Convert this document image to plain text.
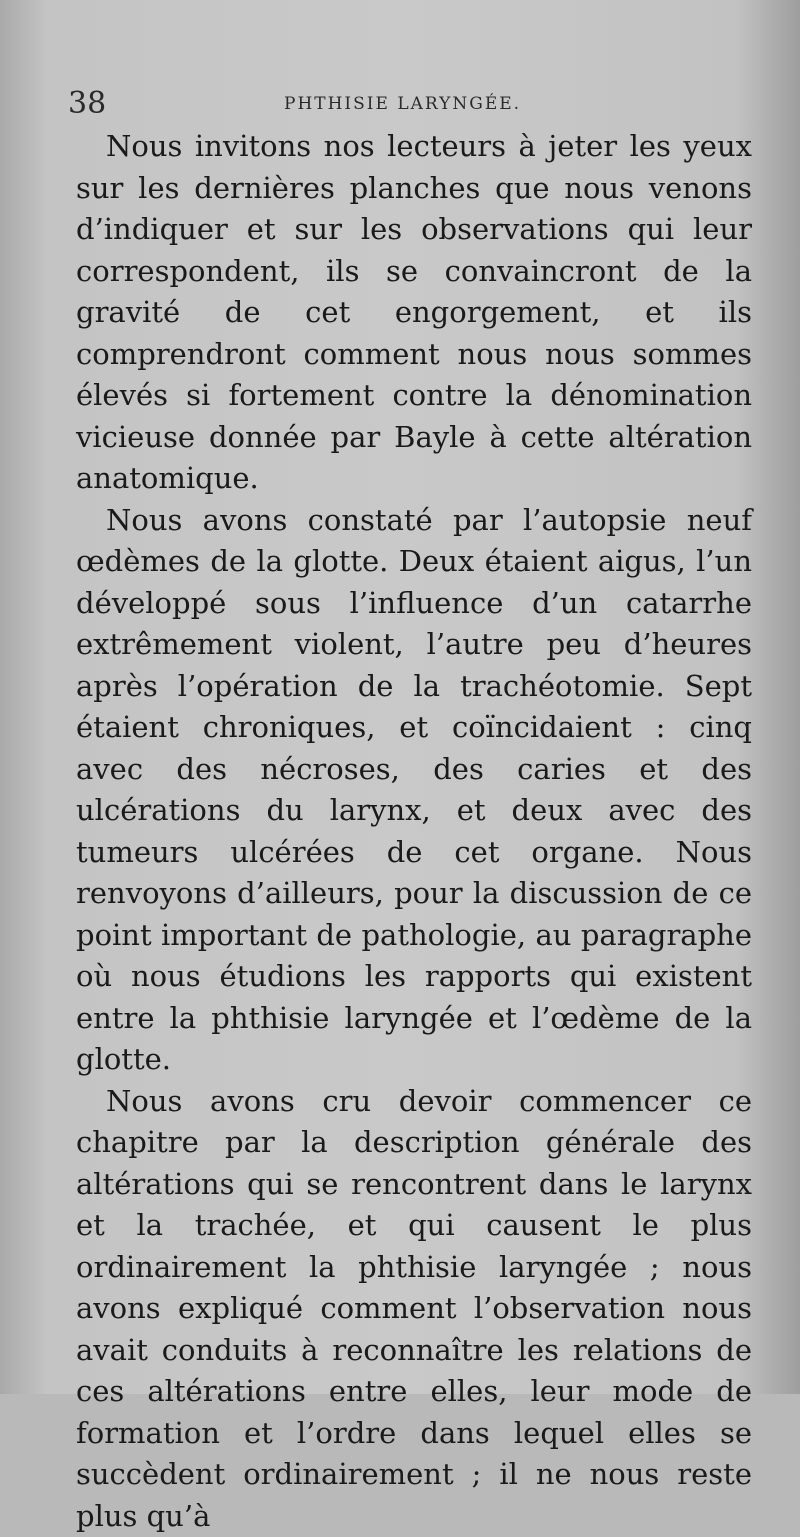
38	PHTHISIE LARYNGÉE.

Nous invitons nos lecteurs à jeter les yeux sur les dernières planches que nous venons d’indiquer et sur les observations qui leur correspondent, ils se convaincront de la gravité de cet engorgement, et ils comprendront comment nous nous sommes élevés si fortement contre la dénomination vicieuse donnée par Bayle à cette altération anatomique.

Nous avons constaté par l’autopsie neuf œdèmes de la glotte. Deux étaient aigus, l’un développé sous l’influence d’un catarrhe extrêmement violent, l’autre peu d’heures après l’opération de la trachéotomie. Sept étaient chroniques, et coïncidaient : cinq avec des nécroses, des caries et des ulcérations du larynx, et deux avec des tumeurs ulcérées de cet organe. Nous renvoyons d’ailleurs, pour la discussion de ce point important de pathologie, au paragraphe où nous étudions les rapports qui existent entre la phthisie laryngée et l’œdème de la glotte.

Nous avons cru devoir commencer ce chapitre par la description générale des altérations qui se rencontrent dans le larynx et la trachée, et qui causent le plus ordinairement la phthisie laryngée ; nous avons expliqué comment l’observation nous avait conduits à reconnaître les relations de ces altérations entre elles, leur mode de formation et l’ordre dans lequel elles se succèdent ordinairement ; il ne nous reste plus qu’à
